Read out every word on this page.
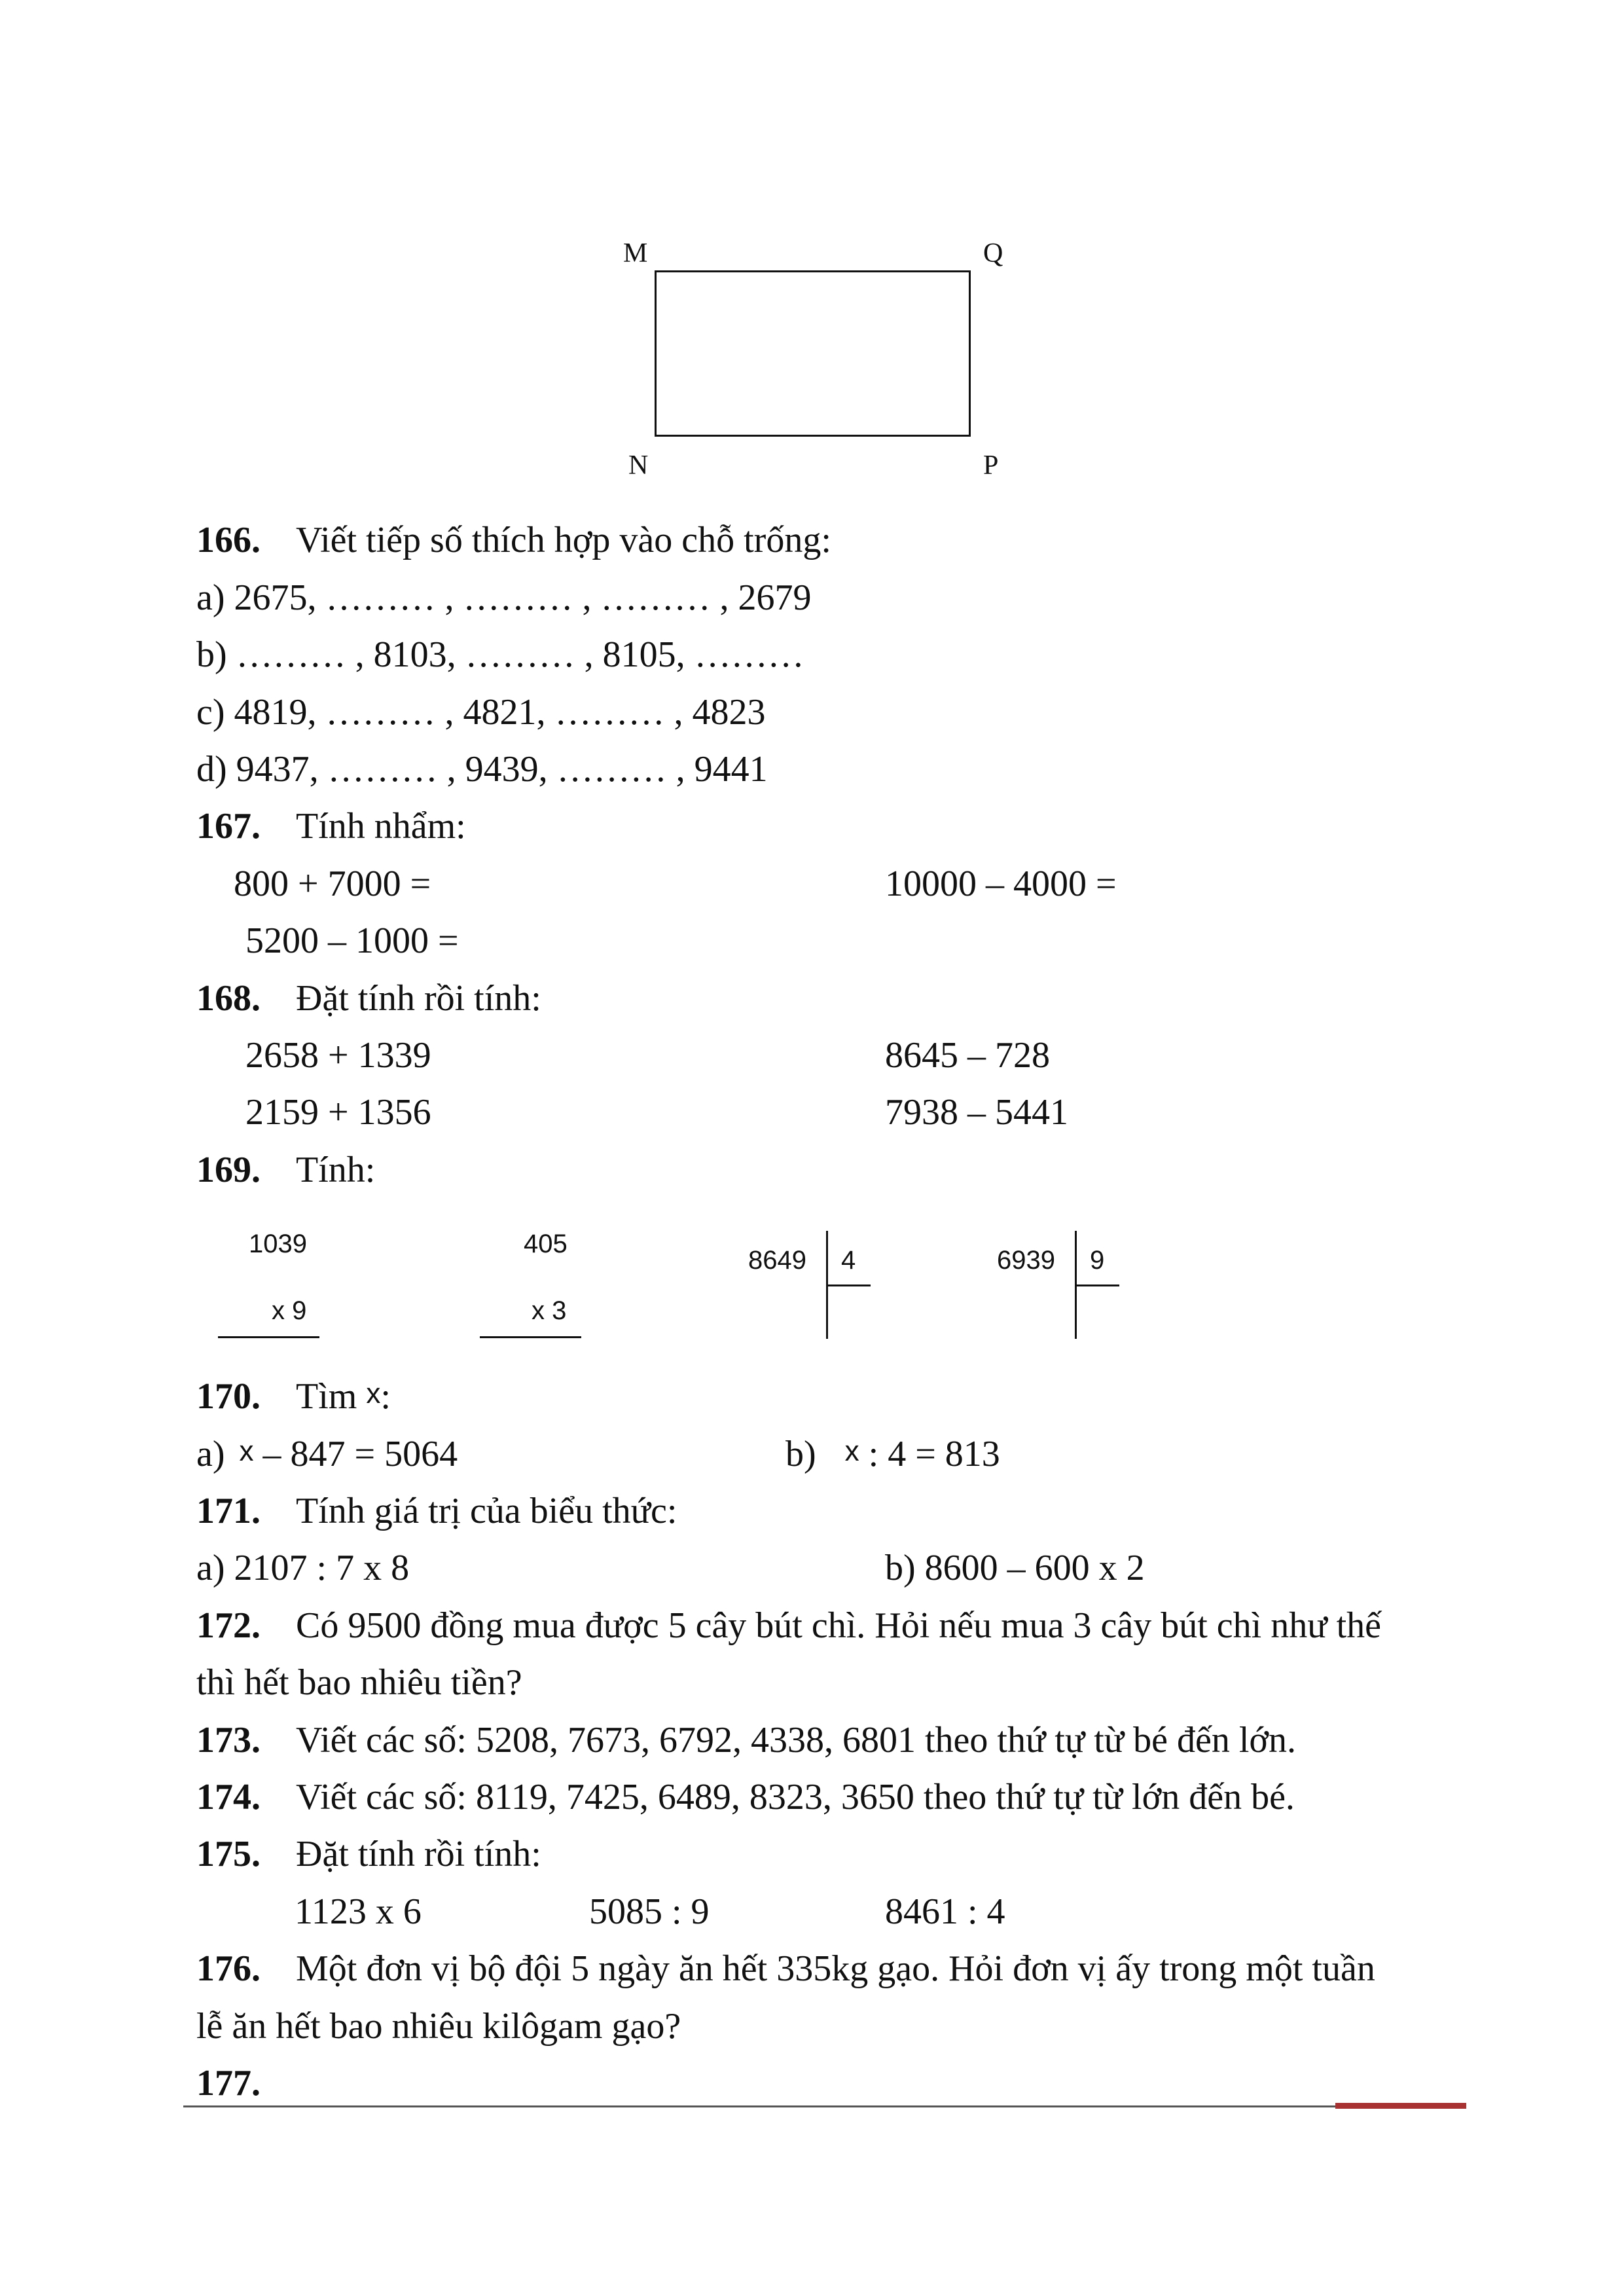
M	Q
N	P
166. Viết tiếp số thích hợp vào chỗ trống:
a) 2675, ……… , ……… , ……… , 2679
b) ……… , 8103, ……… , 8105, ………
c) 4819, ……… , 4821, ……… , 4823
d) 9437, ……… , 9439, ……… , 9441
167. Tính nhẩm:
800 + 7000 =	10000 – 4000 =
5200 – 1000 =
168. Đặt tính rồi tính:
2658 + 1339	8645 – 728
2159 + 1356	7938 – 5441
169. Tính:
1039
x 9
405
x 3
8649 4	6939 9
170. Tìm x:
a) x – 847 = 5064	b) x : 4 = 813
171. Tính giá trị của biểu thức:
a) 2107 : 7 x 8	b) 8600 – 600 x 2
172. Có 9500 đồng mua được 5 cây bút chì. Hỏi nếu mua 3 cây bút chì như thế
thì hết bao nhiêu tiền?
173. Viết các số: 5208, 7673, 6792, 4338, 6801 theo thứ tự từ bé đến lớn.
174. Viết các số: 8119, 7425, 6489, 8323, 3650 theo thứ tự từ lớn đến bé.
175. Đặt tính rồi tính:
1123 x 6	5085 : 9	8461 : 4
176. Một đơn vị bộ đội 5 ngày ăn hết 335kg gạo. Hỏi đơn vị ấy trong một tuần
lễ ăn hết bao nhiêu kilôgam gạo?
177.
